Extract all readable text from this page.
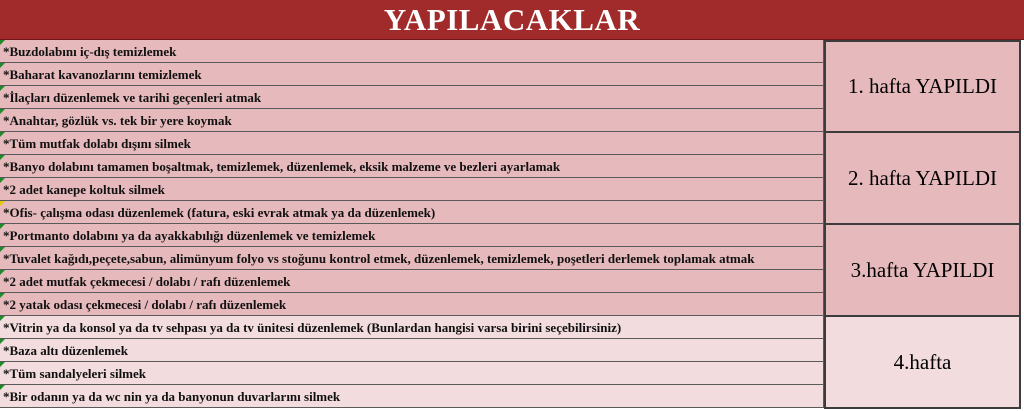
YAPILACAKLAR
*Buzdolabını iç-dış temizlemek
*Baharat kavanozlarını temizlemek
*İlaçları düzenlemek ve tarihi geçenleri atmak
*Anahtar, gözlük vs. tek bir yere koymak
*Tüm mutfak dolabı dışını silmek
*Banyo dolabını tamamen boşaltmak, temizlemek, düzenlemek, eksik malzeme ve bezleri ayarlamak
*2 adet kanepe koltuk silmek
*Ofis- çalışma odası düzenlemek (fatura, eski evrak atmak ya da düzenlemek)
*Portmanto dolabını ya da ayakkabılığı düzenlemek ve temizlemek
*Tuvalet kağıdı,peçete,sabun, alimünyum folyo vs stoğunu kontrol etmek, düzenlemek, temizlemek, poşetleri derlemek toplamak atmak
*2 adet mutfak çekmecesi / dolabı / rafı düzenlemek
*2 yatak odası çekmecesi / dolabı / rafı düzenlemek
*Vitrin ya da konsol ya da tv sehpası ya da tv ünitesi düzenlemek (Bunlardan hangisi varsa birini seçebilirsiniz)
*Baza altı düzenlemek
*Tüm sandalyeleri silmek
*Bir odanın ya da wc nin ya da banyonun duvarlarını silmek
1. hafta YAPILDI
2. hafta YAPILDI
3.hafta YAPILDI
4.hafta
